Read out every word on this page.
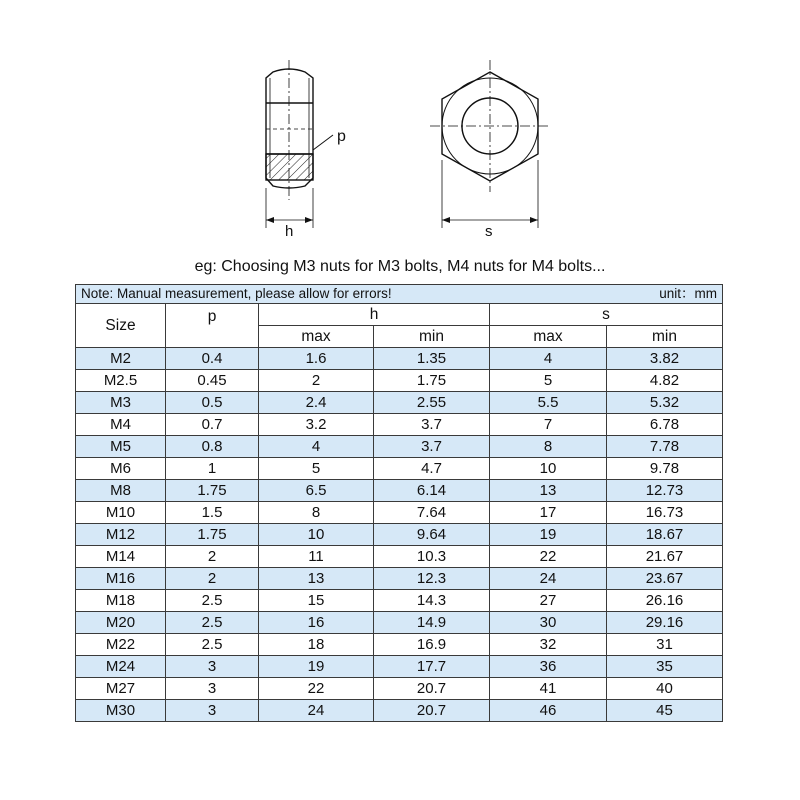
p
h	s
eg: Choosing M3 nuts for M3 bolts, M4 nuts for M4 bolts...
Note: Manual measurement, please allow for errors! unit：mm					

Size	p	h		s	
		max	min	max	min
M2	0.4	1.6	1.35	4	3.82
M2.5	0.45	2	1.75	5	4.82
M3	0.5	2.4	2.55	5.5	5.32
M4	0.7	3.2	3.7	7	6.78
M5	0.8	4	3.7	8	7.78
M6	1	5	4.7	10	9.78
M8	1.75	6.5	6.14	13	12.73
M10	1.5	8	7.64	17	16.73
M12	1.75	10	9.64	19	18.67
M14	2	11	10.3	22	21.67
M16	2	13	12.3	24	23.67
M18	2.5	15	14.3	27	26.16
M20	2.5	16	14.9	30	29.16
M22	2.5	18	16.9	32	31
M24	3	19	17.7	36	35
M27	3	22	20.7	41	40
M30	3	24	20.7	46	45
